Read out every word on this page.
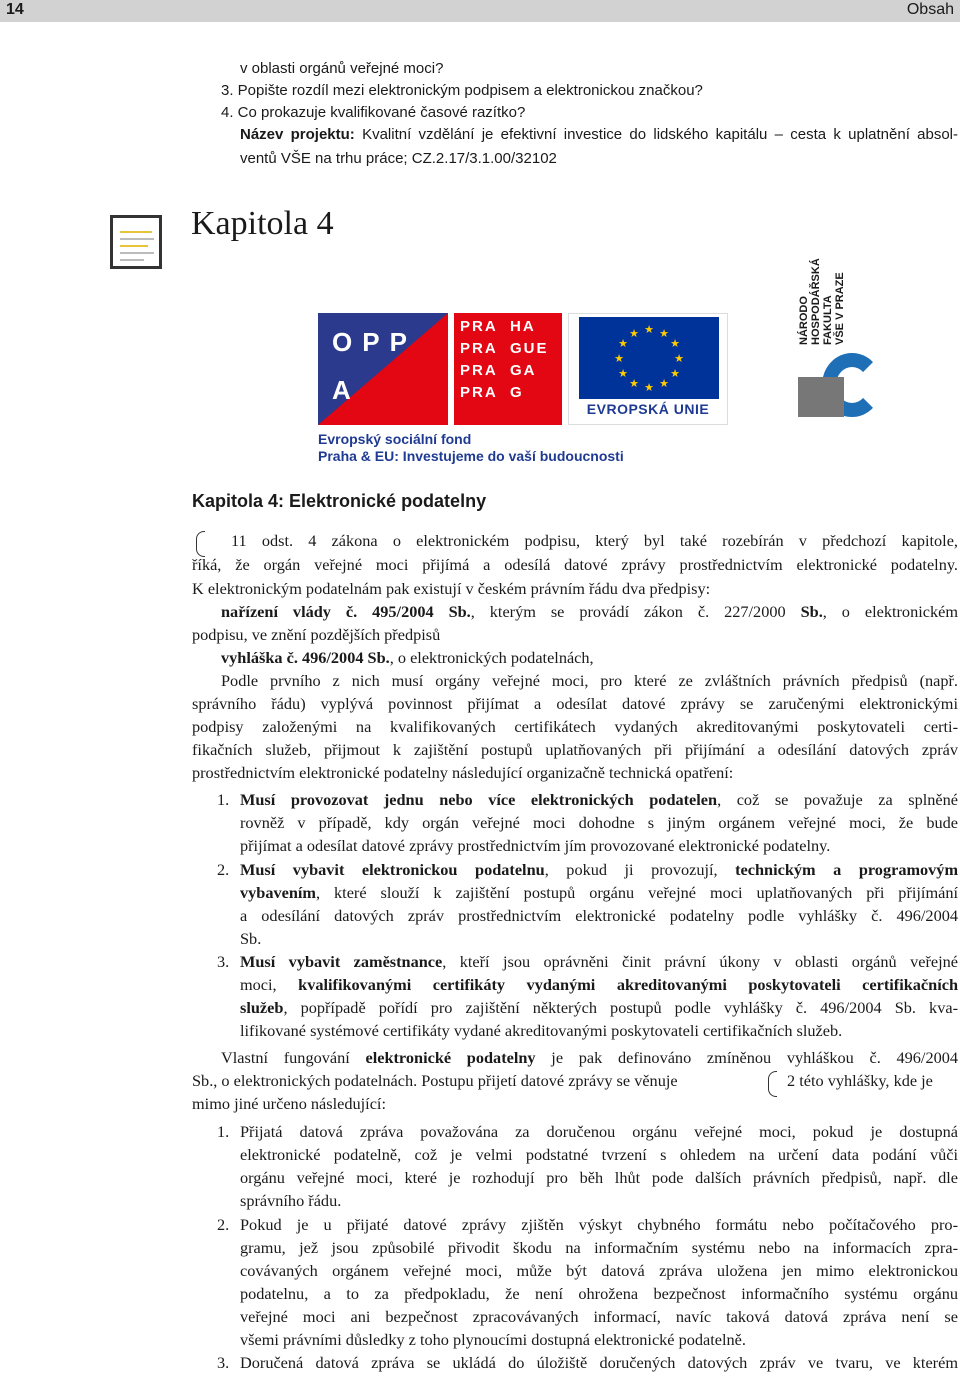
14	Obsah
v oblasti orgánů veřejné moci?
3. Popište rozdíl mezi elektronickým podpisem a elektronickou značkou?
4. Co prokazuje kvalifikované časové razítko?
Název projektu: Kvalitní vzdělání je efektivní investice do lidského kapitálu – cesta k uplatnění absol-
ventů VŠE na trhu práce; CZ.2.17/3.1.00/32102
Kapitola 4
OPP
A
PRA
PRA
PRA
PRA
HA
GUE
GA
G
★ ★
★
★
★
★
★
★
★
★
★
★
EVROPSKÁ UNIE
Evropský sociální fond
Praha & EU: Investujeme do vaší budoucnosti
NÁRODO HOSPODÁŘSKÁ FAKULTA VŠE V PRAZE
Kapitola 4: Elektronické podatelny
11 odst. 4 zákona o elektronickém podpisu, který byl také rozebírán v předchozí kapitole,
říká, že orgán veřejné moci přijímá a odesílá datové zprávy prostřednictvím elektronické podatelny.
K elektronickým podatelnám pak existují v českém právním řádu dva předpisy:
nařízení vlády č. 495/2004 Sb., kterým se provádí zákon č. 227/2000 Sb., o elektronickém
podpisu, ve znění pozdějších předpisů
vyhláška č. 496/2004 Sb., o elektronických podatelnách,
Podle prvního z nich musí orgány veřejné moci, pro které ze zvláštních právních předpisů (např.
správního řádu) vyplývá povinnost přijímat a odesílat datové zprávy se zaručenými elektronickými
podpisy založenými na kvalifikovaných certifikátech vydaných akreditovanými poskytovateli certi-
fikačních služeb, přijmout k zajištění postupů uplatňovaných při přijímání a odesílání datových zpráv
prostřednictvím elektronické podatelny následující organizačně technická opatření:
1. Musí provozovat jednu nebo více elektronických podatelen, což se považuje za splněné
rovněž v případě, kdy orgán veřejné moci dohodne s jiným orgánem veřejné moci, že bude
přijímat a odesílat datové zprávy prostřednictvím jím provozované elektronické podatelny.
2. Musí vybavit elektronickou podatelnu, pokud ji provozují, technickým a programovým
vybavením, které slouží k zajištění postupů orgánu veřejné moci uplatňovaných při přijímání
a odesílání datových zpráv prostřednictvím elektronické podatelny podle vyhlášky č. 496/2004
Sb.
3. Musí vybavit zaměstnance, kteří jsou oprávněni činit právní úkony v oblasti orgánů veřejné
moci, kvalifikovanými certifikáty vydanými akreditovanými poskytovateli certifikačních
služeb, popřípadě pořídí pro zajištění některých postupů podle vyhlášky č. 496/2004 Sb. kva-
lifikované systémové certifikáty vydané akreditovanými poskytovateli certifikačních služeb.
Vlastní fungování elektronické podatelny je pak definováno zmíněnou vyhláškou č. 496/2004
Sb., o elektronických podatelnách. Postupu přijetí datové zprávy se věnuje	2 této vyhlášky, kde je
mimo jiné určeno následující:
1. Přijatá datová zpráva považována za doručenou orgánu veřejné moci, pokud je dostupná
elektronické podatelně, což je velmi podstatné tvrzení s ohledem na určení data podání vůči
orgánu veřejné moci, které je rozhodují pro běh lhůt pode dalších právních předpisů, např. dle
správního řádu.
2. Pokud je u přijaté datové zprávy zjištěn výskyt chybného formátu nebo počítačového pro-
gramu, jež jsou způsobilé přivodit škodu na informačním systému nebo na informacích zpra-
covávaných orgánem veřejné moci, může být datová zpráva uložena jen mimo elektronickou
podatelnu, a to za předpokladu, že není ohrožena bezpečnost informačního systému orgánu
veřejné moci ani bezpečnost zpracovávaných informací, navíc taková datová zpráva není se
všemi právními důsledky z toho plynoucími dostupná elektronické podatelně.
3. Doručená datová zpráva se ukládá do úložiště doručených datových zpráv ve tvaru, ve kterém
